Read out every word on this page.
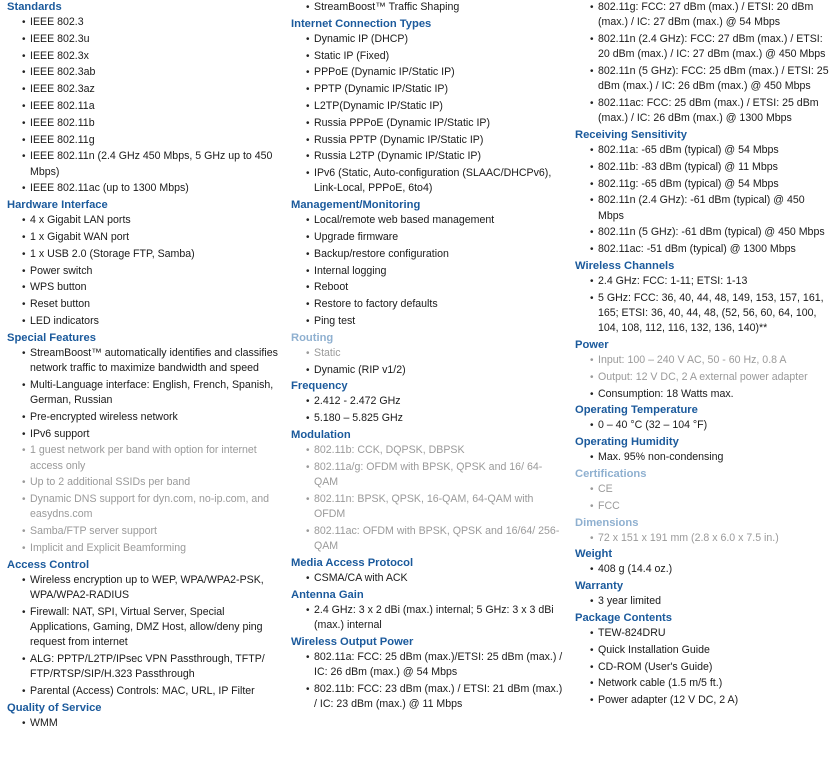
Standards
• IEEE 802.3
• IEEE 802.3u
• IEEE 802.3x
• IEEE 802.3ab
• IEEE 802.3az
• IEEE 802.11a
• IEEE 802.11b
• IEEE 802.11g
• IEEE 802.11n (2.4 GHz 450 Mbps, 5 GHz up to 450 Mbps)
• IEEE 802.11ac (up to 1300 Mbps)
Hardware Interface
• 4 x Gigabit LAN ports
• 1 x Gigabit WAN port
• 1 x USB 2.0 (Storage FTP, Samba)
• Power switch
• WPS button
• Reset button
• LED indicators
Special Features
• StreamBoost™ automatically identifies and classifies network traffic to maximize bandwidth and speed
• Multi-Language interface: English, French, Spanish, German, Russian
• Pre-encrypted wireless network
• IPv6 support
• 1 guest network per band with option for internet access only
• Up to 2 additional SSIDs per band
• Dynamic DNS support for dyn.com, no-ip.com, and easydns.com
• Samba/FTP server support
• Implicit and Explicit Beamforming
Access Control
• Wireless encryption up to WEP, WPA/WPA2-PSK, WPA/WPA2-RADIUS
• Firewall: NAT, SPI, Virtual Server, Special Applications, Gaming, DMZ Host, allow/deny ping request from internet
• ALG: PPTP/L2TP/IPsec VPN Passthrough, TFTP/ FTP/RTSP/SIP/H.323 Passthrough
• Parental (Access) Controls: MAC, URL, IP Filter
Quality of Service
• WMM
• StreamBoost™ Traffic Shaping
Internet Connection Types
• Dynamic IP (DHCP)
• Static IP (Fixed)
• PPPoE (Dynamic IP/Static IP)
• PPTP (Dynamic IP/Static IP)
• L2TP(Dynamic IP/Static IP)
• Russia PPPoE (Dynamic IP/Static IP)
• Russia PPTP (Dynamic IP/Static IP)
• Russia L2TP (Dynamic IP/Static IP)
• IPv6 (Static, Auto-configuration (SLAAC/DHCPv6), Link-Local, PPPoE, 6to4)
Management/Monitoring
• Local/remote web based management
• Upgrade firmware
• Backup/restore configuration
• Internal logging
• Reboot
• Restore to factory defaults
• Ping test
Routing
• Static
• Dynamic (RIP v1/2)
Frequency
• 2.412 - 2.472 GHz
• 5.180 – 5.825 GHz
Modulation
• 802.11b: CCK, DQPSK, DBPSK
• 802.11a/g: OFDM with BPSK, QPSK and 16/ 64-QAM
• 802.11n: BPSK, QPSK, 16-QAM, 64-QAM with OFDM
• 802.11ac: OFDM with BPSK, QPSK and 16/64/ 256-QAM
Media Access Protocol
• CSMA/CA with ACK
Antenna Gain
• 2.4 GHz: 3 x 2 dBi (max.) internal; 5 GHz: 3 x 3 dBi (max.) internal
Wireless Output Power
• 802.11a: FCC: 25 dBm (max.)/ETSI: 25 dBm (max.) / IC: 26 dBm (max.) @ 54 Mbps
• 802.11b: FCC: 23 dBm (max.) / ETSI: 21 dBm (max.) / IC: 23 dBm (max.) @ 11 Mbps
• 802.11g: FCC: 27 dBm (max.) / ETSI: 20 dBm (max.) / IC: 27 dBm (max.) @ 54 Mbps
• 802.11n (2.4 GHz): FCC: 27 dBm (max.) / ETSI: 20 dBm (max.) / IC: 27 dBm (max.) @ 450 Mbps
• 802.11n (5 GHz): FCC: 25 dBm (max.) / ETSI: 25 dBm (max.) / IC: 26 dBm (max.) @ 450 Mbps
• 802.11ac: FCC: 25 dBm (max.) / ETSI: 25 dBm (max.) / IC: 26 dBm (max.) @ 1300 Mbps
Receiving Sensitivity
• 802.11a: -65 dBm (typical) @ 54 Mbps
• 802.11b: -83 dBm (typical) @ 11 Mbps
• 802.11g: -65 dBm (typical) @ 54 Mbps
• 802.11n (2.4 GHz): -61 dBm (typical) @ 450 Mbps
• 802.11n (5 GHz): -61 dBm (typical) @ 450 Mbps
• 802.11ac: -51 dBm (typical) @ 1300 Mbps
Wireless Channels
• 2.4 GHz: FCC: 1-11; ETSI: 1-13
• 5 GHz: FCC: 36, 40, 44, 48, 149, 153, 157, 161, 165; ETSI: 36, 40, 44, 48, (52, 56, 60, 64, 100, 104, 108, 112, 116, 132, 136, 140)**
Power
• Input: 100 – 240 V AC, 50 - 60 Hz, 0.8 A
• Output: 12 V DC, 2 A external power adapter
• Consumption: 18 Watts max.
Operating Temperature
• 0 – 40 °C (32 – 104 °F)
Operating Humidity
• Max. 95% non-condensing
Certifications
• CE
• FCC
Dimensions
• 72 x 151 x 191 mm (2.8 x 6.0 x 7.5 in.)
Weight
• 408 g (14.4 oz.)
Warranty
• 3 year limited
Package Contents
• TEW-824DRU
• Quick Installation Guide
• CD-ROM (User's Guide)
• Network cable (1.5 m/5 ft.)
• Power adapter (12 V DC, 2 A)
